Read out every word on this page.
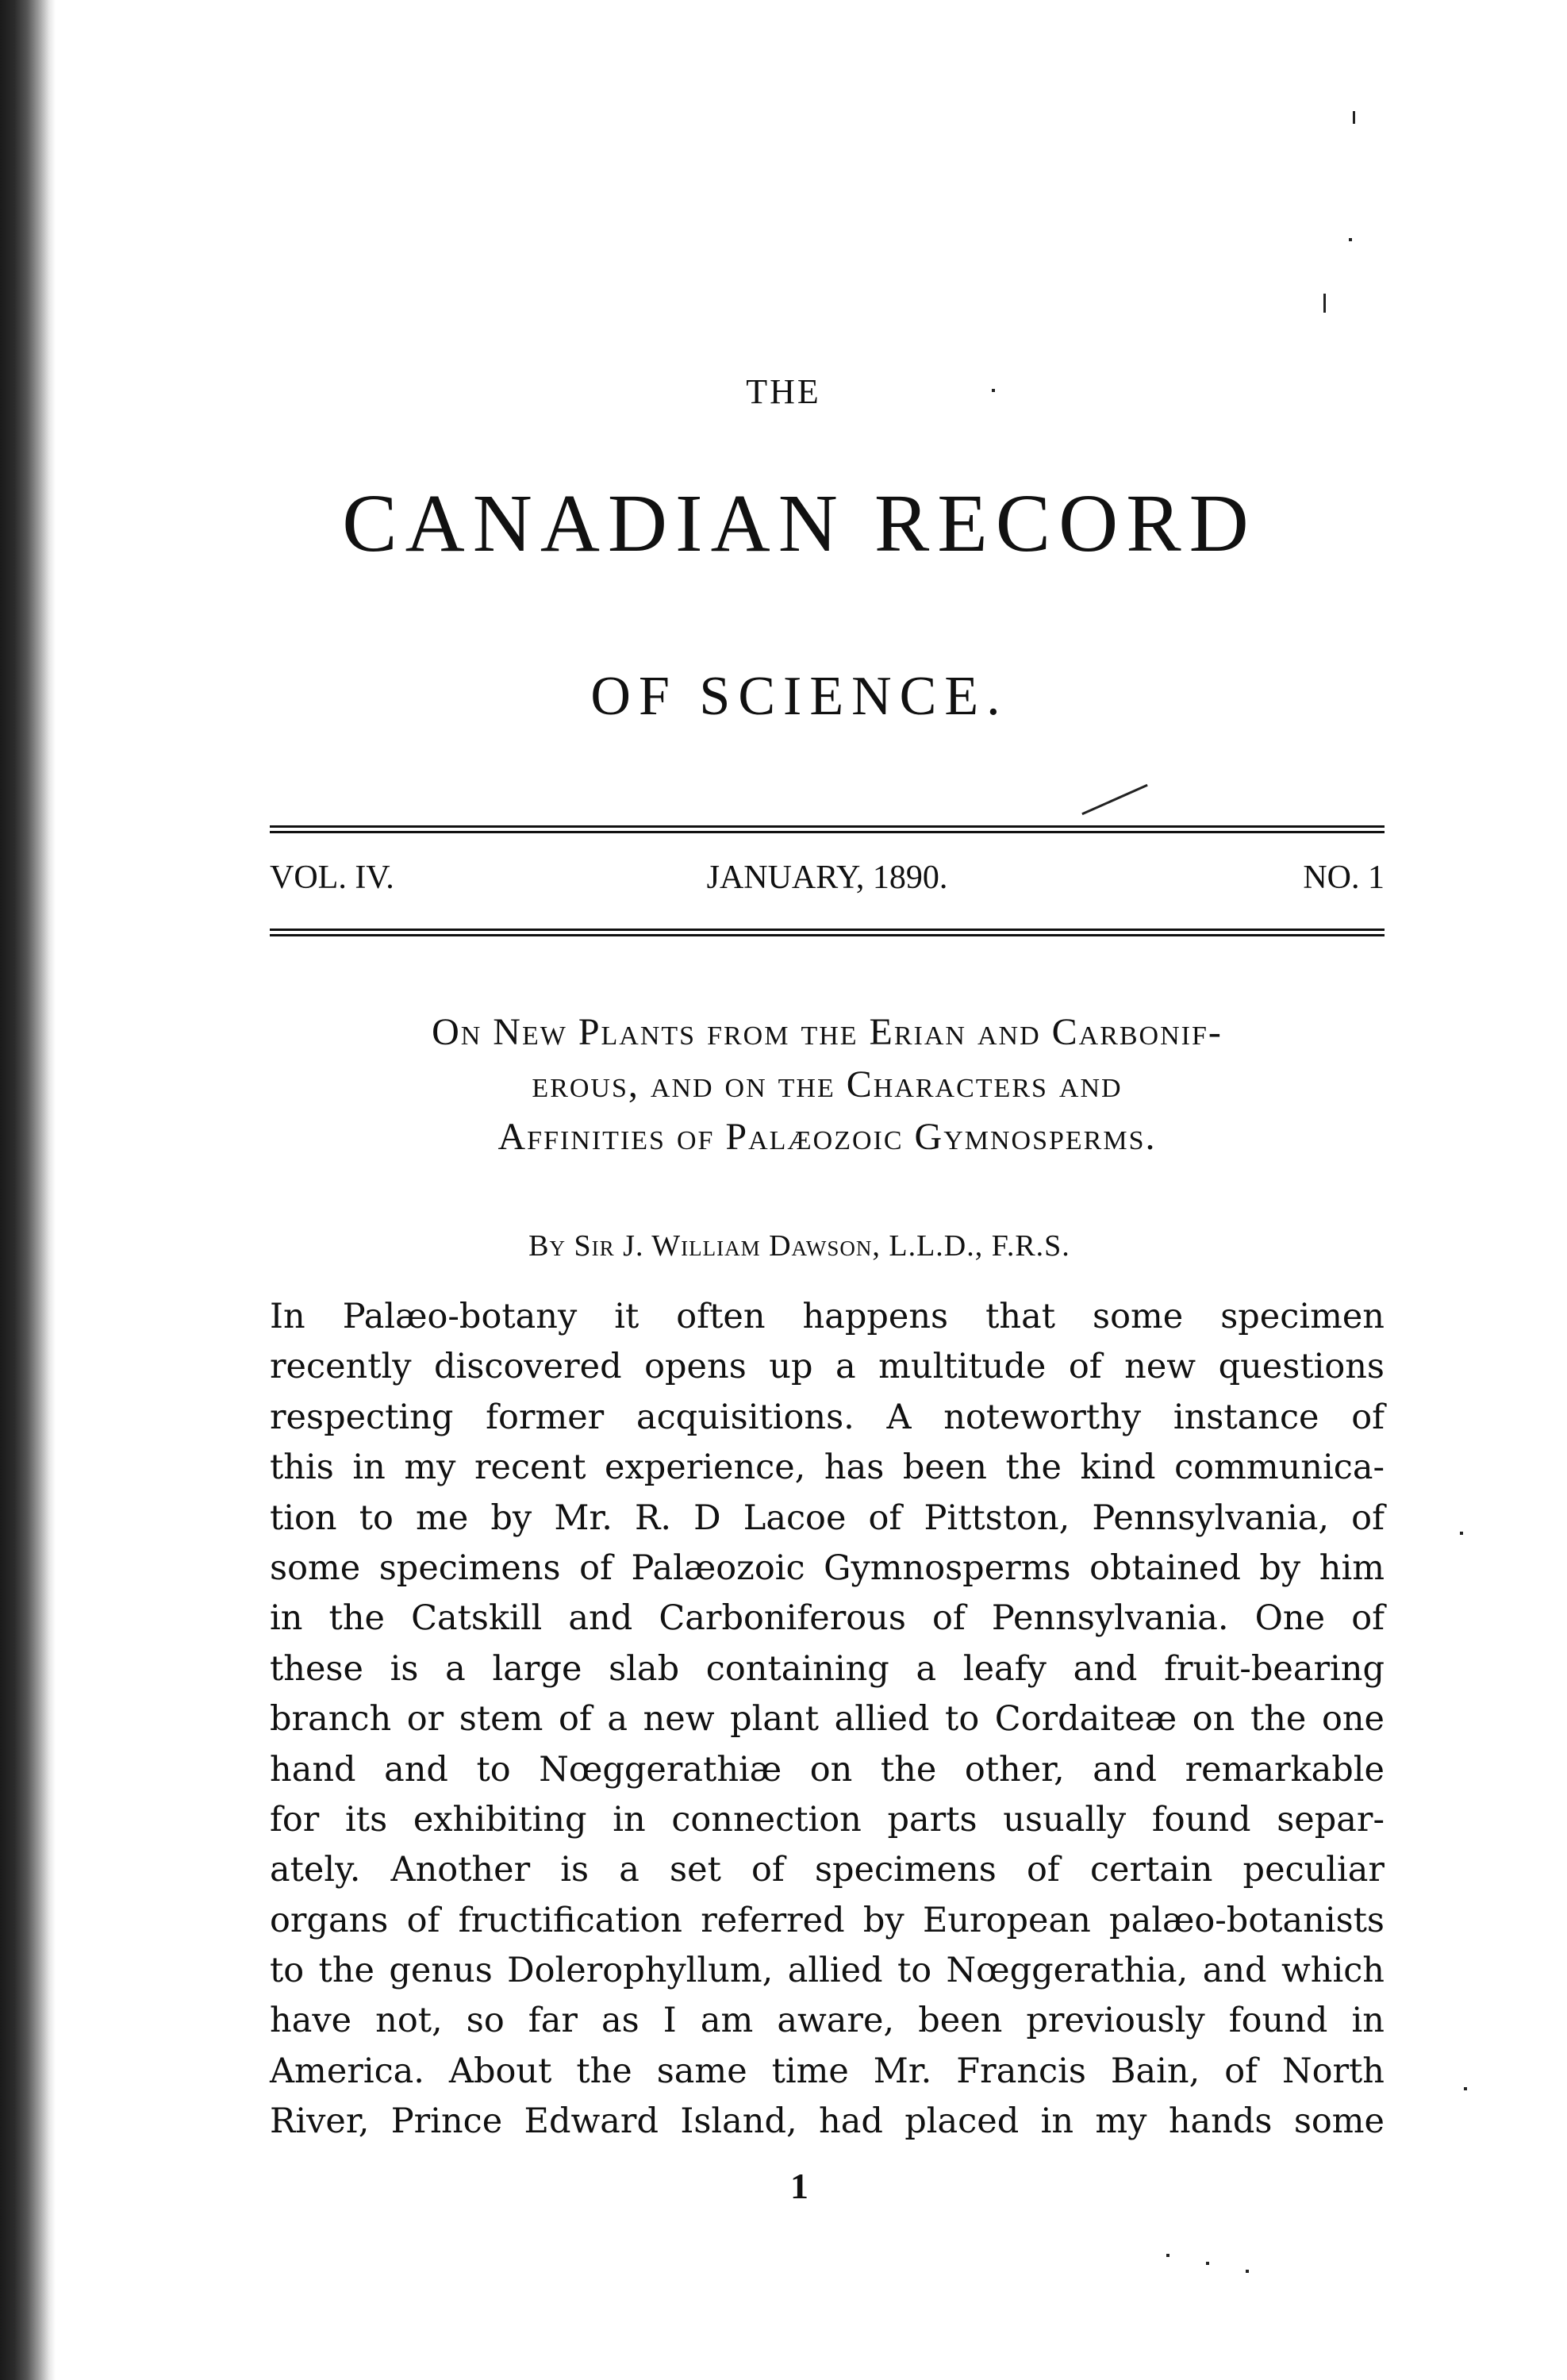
THE
CANADIAN RECORD
OF SCIENCE.
VOL. IV.	JANUARY, 1890.	NO. 1
On New Plants from the Erian and Carbonif-
erous, and on the Characters and
Affinities of Palæozoic Gymnosperms.
By Sir J. William Dawson, L.L.D., F.R.S.
In Palæo-botany it often happens that some specimen
recently discovered opens up a multitude of new questions
respecting former acquisitions. A noteworthy instance of
this in my recent experience, has been the kind communica-
tion to me by Mr. R. D Lacoe of Pittston, Pennsylvania, of
some specimens of Palæozoic Gymnosperms obtained by him
in the Catskill and Carboniferous of Pennsylvania. One of
these is a large slab containing a leafy and fruit-bearing
branch or stem of a new plant allied to Cordaiteæ on the one
hand and to Nœggerathiæ on the other, and remarkable
for its exhibiting in connection parts usually found separ-
ately. Another is a set of specimens of certain peculiar
organs of fructification referred by European palæo-botanists
to the genus Dolerophyllum, allied to Nœggerathia, and which
have not, so far as I am aware, been previously found in
America. About the same time Mr. Francis Bain, of North
River, Prince Edward Island, had placed in my hands some
1
